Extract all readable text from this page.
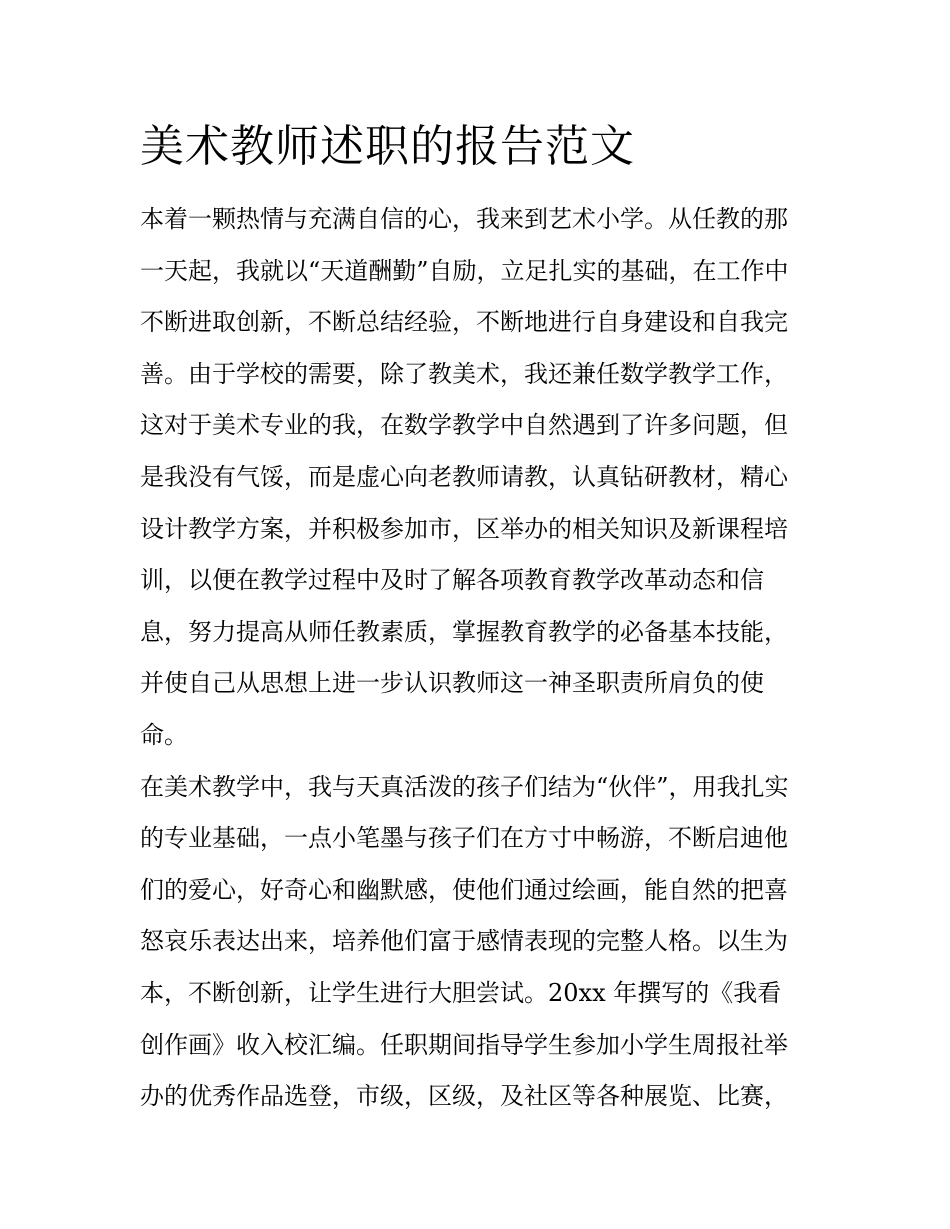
美术教师述职的报告范文

本着一颗热情与充满自信的心，我来到艺术小学。从任教的那
一天起，我就以“天道酬勤”自励，立足扎实的基础，在工作中
不断进取创新，不断总结经验，不断地进行自身建设和自我完
善。由于学校的需要，除了教美术，我还兼任数学教学工作，
这对于美术专业的我，在数学教学中自然遇到了许多问题，但
是我没有气馁，而是虚心向老教师请教，认真钻研教材，精心
设计教学方案，并积极参加市，区举办的相关知识及新课程培
训，以便在教学过程中及时了解各项教育教学改革动态和信
息，努力提高从师任教素质，掌握教育教学的必备基本技能，
并使自己从思想上进一步认识教师这一神圣职责所肩负的使
命。

在美术教学中，我与天真活泼的孩子们结为“伙伴”，用我扎实
的专业基础，一点小笔墨与孩子们在方寸中畅游，不断启迪他
们的爱心，好奇心和幽默感，使他们通过绘画，能自然的把喜
怒哀乐表达出来，培养他们富于感情表现的完整人格。以生为
本，不断创新，让学生进行大胆尝试。20xx 年撰写的《我看
创作画》收入校汇编。任职期间指导学生参加小学生周报社举
办的优秀作品选登，市级，区级，及社区等各种展览、比赛，
